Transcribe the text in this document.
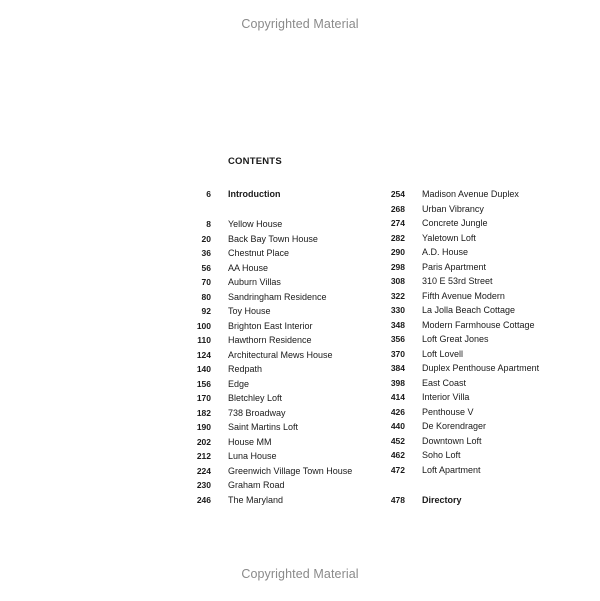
Copyrighted Material
CONTENTS
6	Introduction
8	Yellow House
20	Back Bay Town House
36	Chestnut Place
56	AA House
70	Auburn Villas
80	Sandringham Residence
92	Toy House
100	Brighton East Interior
110	Hawthorn Residence
124	Architectural Mews House
140	Redpath
156	Edge
170	Bletchley Loft
182	738 Broadway
190	Saint Martins Loft
202	House MM
212	Luna House
224	Greenwich Village Town House
230	Graham Road
246	The Maryland
254	Madison Avenue Duplex
268	Urban Vibrancy
274	Concrete Jungle
282	Yaletown Loft
290	A.D. House
298	Paris Apartment
308	310 E 53rd Street
322	Fifth Avenue Modern
330	La Jolla Beach Cottage
348	Modern Farmhouse Cottage
356	Loft Great Jones
370	Loft Lovell
384	Duplex Penthouse Apartment
398	East Coast
414	Interior Villa
426	Penthouse V
440	De Korendrager
452	Downtown Loft
462	Soho Loft
472	Loft Apartment
478	Directory
Copyrighted Material
